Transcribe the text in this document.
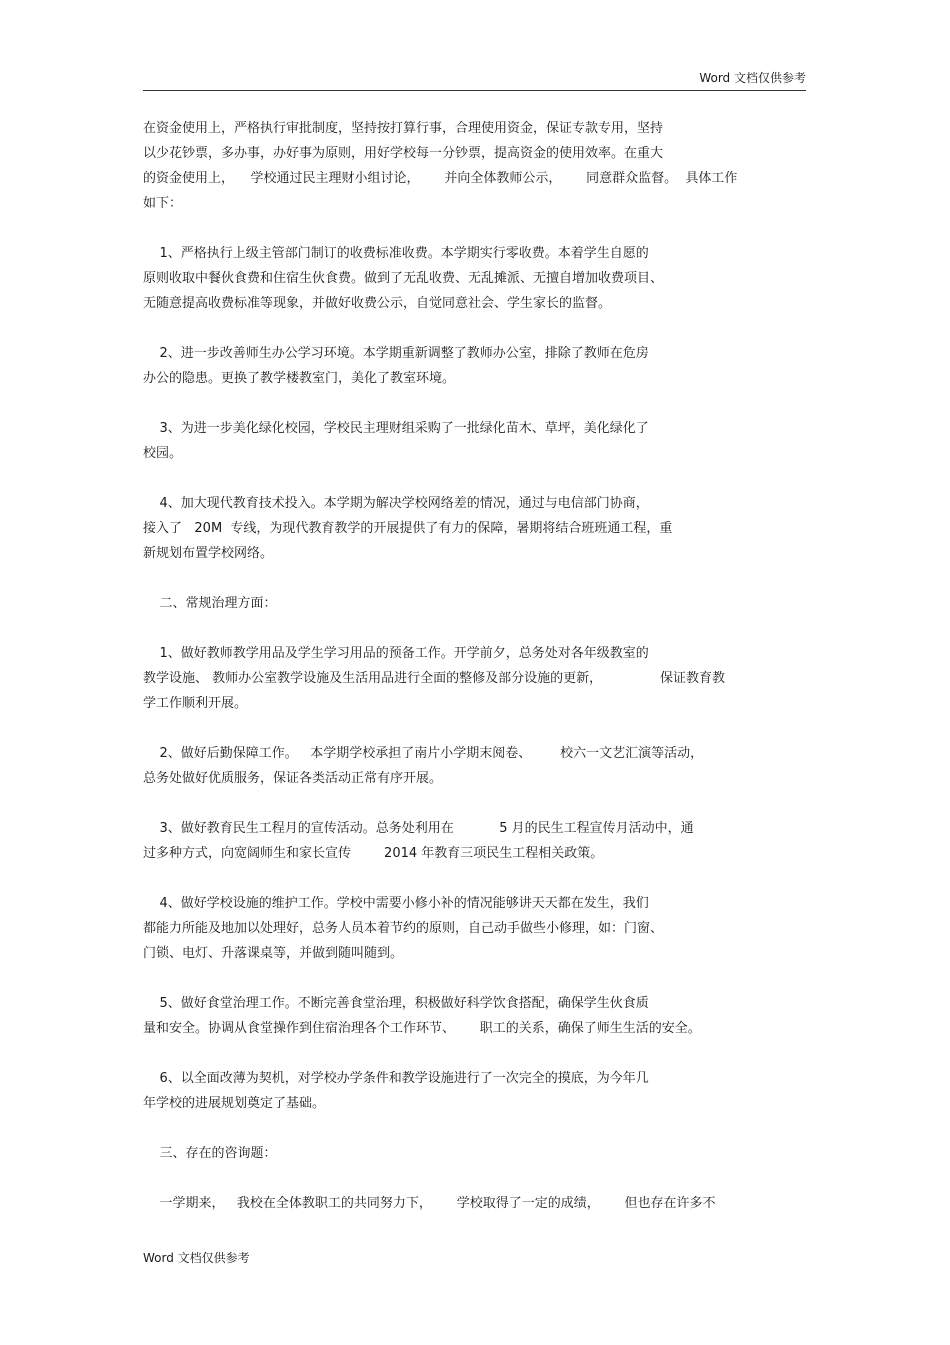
Word 文档仅供参考
在资金使用上，严格执行审批制度，坚持按打算行事，合理使用资金，保证专款专用，坚持
以少花钞票，多办事，办好事为原则，用好学校每一分钞票，提高资金的使用效率。在重大
的资金使用上，    学校通过民主理财小组讨论，      并向全体教师公示，      同意群众监督。  具体工作
如下：
1、严格执行上级主管部门制订的收费标准收费。本学期实行零收费。本着学生自愿的
原则收取中餐伙食费和住宿生伙食费。做到了无乱收费、无乱摊派、无擅自增加收费项目、
无随意提高收费标准等现象，并做好收费公示，自觉同意社会、学生家长的监督。
2、进一步改善师生办公学习环境。本学期重新调整了教师办公室，排除了教师在危房
办公的隐患。更换了教学楼教室门，美化了教室环境。
3、为进一步美化绿化校园，学校民主理财组采购了一批绿化苗木、草坪，美化绿化了
校园。
4、加大现代教育技术投入。本学期为解决学校网络差的情况，通过与电信部门协商，
接入了   20M  专线，为现代教育教学的开展提供了有力的保障，暑期将结合班班通工程，重
新规划布置学校网络。
二、常规治理方面：
1、做好教师教学用品及学生学习用品的预备工作。开学前夕，总务处对各年级教室的
教学设施、 教师办公室教学设施及生活用品进行全面的整修及部分设施的更新，              保证教育教
学工作顺利开展。
2、做好后勤保障工作。   本学期学校承担了南片小学期末阅卷、       校六一文艺汇演等活动，
总务处做好优质服务，保证各类活动正常有序开展。
3、做好教育民生工程月的宣传活动。总务处利用在           5 月的民生工程宣传月活动中，通
过多种方式，向宽阔师生和家长宣传        2014 年教育三项民生工程相关政策。
4、做好学校设施的维护工作。学校中需要小修小补的情况能够讲天天都在发生，我们
都能力所能及地加以处理好，总务人员本着节约的原则，自己动手做些小修理，如：门窗、
门锁、电灯、升落课桌等，并做到随叫随到。
5、做好食堂治理工作。不断完善食堂治理，积极做好科学饮食搭配，确保学生伙食质
量和安全。协调从食堂操作到住宿治理各个工作环节、      职工的关系，确保了师生生活的安全。
6、以全面改薄为契机，对学校办学条件和教学设施进行了一次完全的摸底，为今年几
年学校的进展规划奠定了基础。
三、存在的咨询题：
一学期来，   我校在全体教职工的共同努力下，      学校取得了一定的成绩，      但也存在许多不
Word 文档仅供参考
